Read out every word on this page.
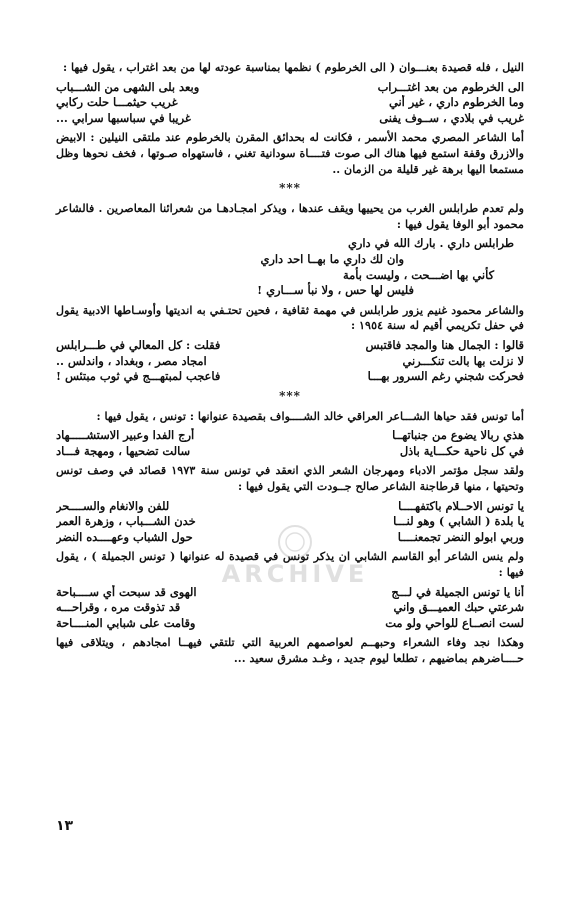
النيل ، فله قصيدة بعنـــوان ( الى الخرطوم ) نظمها بمناسبة عودته لها من بعد اغتراب ، يقول فيها :

الى الخرطوم من بعد اغتـــراب
وبعد بلى الشهى من الشـــباب
وما الخرطوم داري ، غير أني
غريب حيثمـــا حلت ركابي
غريب في بلادي ، ســوف يفنى
غريبا في سباسبها سرابي ...

أما الشاعر المصري محمد الأسمر ، فكانت له بحدائق المقرن بالخرطوم عند ملتقى النيلين : الابيض والازرق وقفة استمع فيها هناك الى صوت فتــــاة سودانية تغني ، فاستهواه صـوتها ، فخف نحوها وظل مستمعا اليها برهة غير قليلة من الزمان ..

***

ولم تعدم طرابلس الغرب من يحييها ويقف عندها ، ويذكر امجـادهـا من شعرائنا المعاصرين . فالشاعر محمود أبو الوفا يقول فيها :

طرابلس داري . بارك الله في داري
وان لك داري ما بهــا احد داري
كأني بها اضـــحت ، وليست بأمة
فليس لها حس ، ولا نبأ ســـاري !

والشاعر محمود غنيم يزور طرابلس في مهمة ثقافية ، فحين تحتـفي به انديتها وأوسـاطها الادبية يقول في حفل تكريمي أقيم له سنة ١٩٥٤ :

قالوا : الجمال هنا والمجد فاقتبس
فقلت : كل المعالي في طـــرابلس
لا نزلت بها بالت تنكـــرني
امجاد مصر ، وبغداد ، واندلس ..
فحركت شجني رغم السرور بهـــا
فاعجب لمبتهـــج في ثوب مبتئس !
***

أما تونس فقد حياها الشـــاعر العراقي خالد الشــــواف بقصيدة عنوانها : تونس ، يقول فيها :

هذي ربالا يضوع من جنباتهــا
أرج الفدا وعبير الاستشـــــهاد
في كل ناحية حكـــاية باذل
سالت تضحيها ، ومهجة فـــاد

ولقد سجل مؤتمر الادباء ومهرجان الشعر الذي انعقد في تونس سنة ١٩٧٣ قصائد في وصف تونس وتحيتها ، منها قرطاجنة الشاعر صالح جــودت التي يقول فيها :

يا تونس الاحــلام باكتفهــــا
للفن والانغام والســــحر
يا بلدة ( الشابي ) وهو لنـــا
خدن الشـــباب ، وزهرة العمر
وربي ابولو النضر تجمعنــــا
حول الشباب وعهــــده النضر

ولم ينس الشاعر أبو القاسم الشابي ان يذكر تونس في قصيدة له عنوانها ( تونس الجميلة ) ، يقول فيها :

أنا يا تونس الجميلة في لـــج
الهوى قد سبحت أي ســــباحة
شرعتي حبك العميـــق واني
قد تذوقت مره ، وقراحـــه
لست انصــاع للواحي ولو مت
وقامت على شبابي المنــــاحة

وهكذا نجد وفاء الشعراء وحبهــم لعواصمهم العربية التي تلتقي فيهــا امجادهم ، ويتلاقى فيها حــــاضرهم بماضيهم ، تطلعا ليوم جديد ، وغـد مشرق سعيد ...

ARCHIVE
١٣
